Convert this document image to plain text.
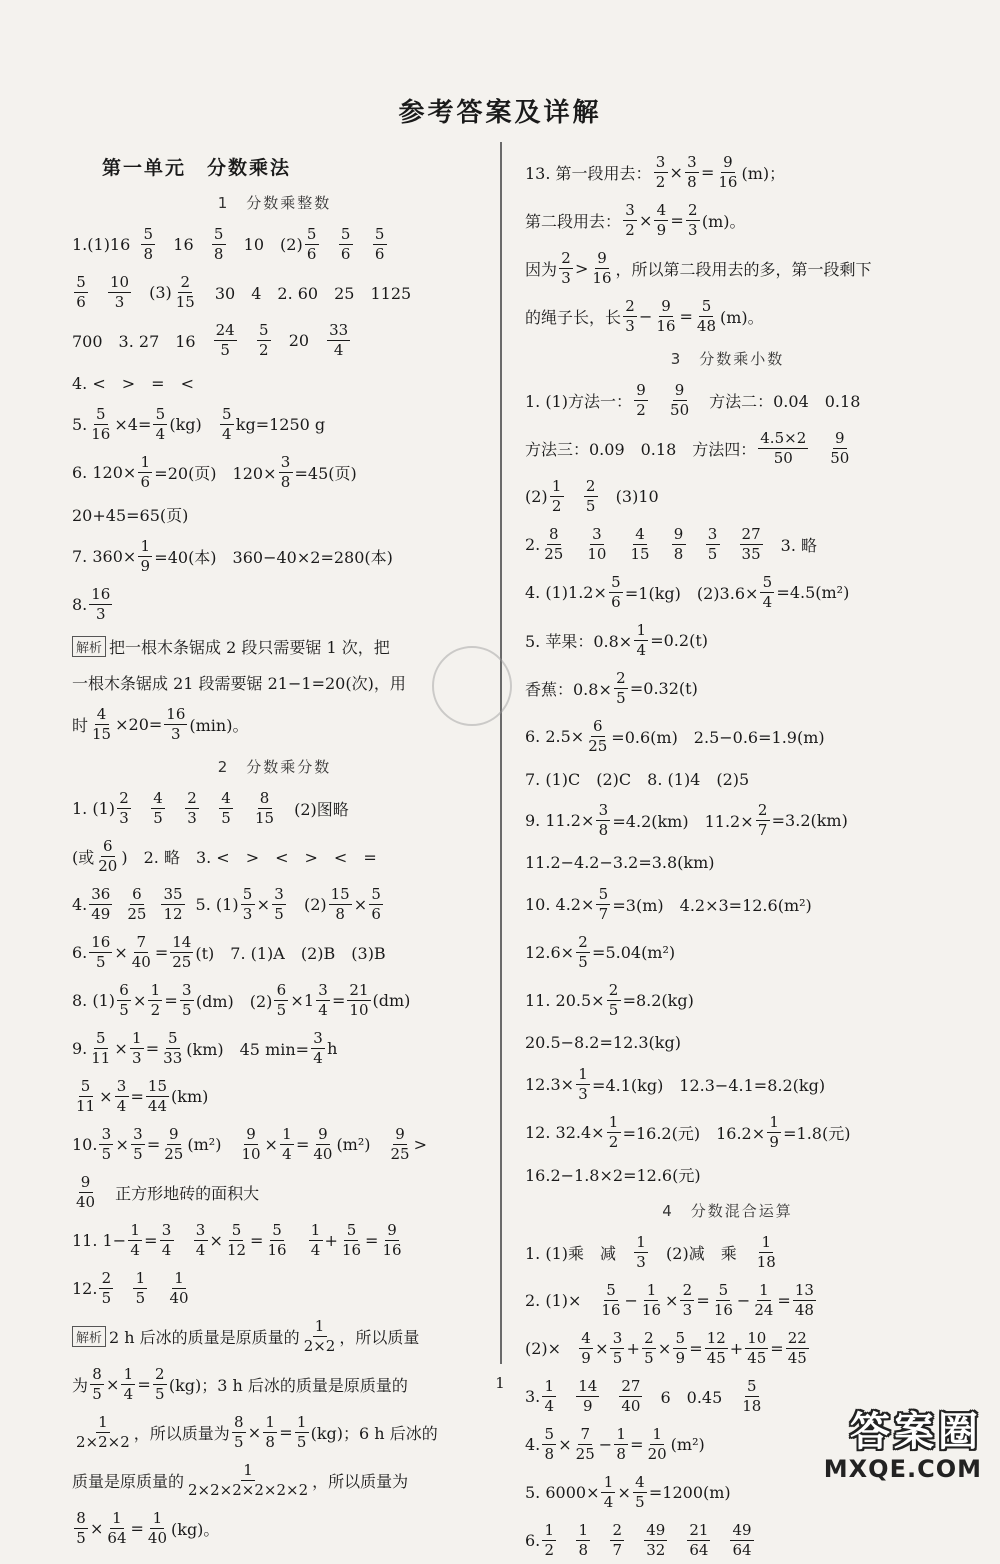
参考答案及详解
第一单元　分数乘法
1　分数乘整数
$1.(1)16 \frac{5}{8} 16 \frac{5}{8} 10$ $(2) \frac{5}{6} \frac{5}{6} \frac{5}{6}$
$\frac{5}{6} \frac{10}{3} (3) \frac{2}{15} 30$　4　2. 60　25　1125
700　3. 27　$16 \frac{24}{5} \frac{5}{2} 20 \frac{33}{4}$
4. <　>　=　<
5. $\frac{5}{16} \times 4= \frac{5}{4} (kg) \frac{5}{4} kg=1250$ g
6. $120\times \frac{1}{6} =20$(页)　$120\times \frac{3}{8} =45$(页)
20+45=65(页)
7. $360\times \frac{1}{9} =40$(本)　360−40×2=280(本)
8. $\frac{16}{3}$
解析 把一根木条锯成 2 段只需要锯 1 次，把
一根木条锯成 21 段需要锯 21−1=20(次)，用
时 $\frac{4}{15} \times 20= \frac{16}{3} (\min)$。
2　分数乘分数
1. $(1) \frac{2}{3} \frac{4}{5} \frac{2}{3} \frac{4}{5} \frac{8}{15} (2)$图略
(或 $\frac{6}{20}$ )　2. 略　3. <　>　<　>　<　=
4. $\frac{36}{49} \frac{6}{25} \frac{35}{12} 5$. $(1) \frac{5}{3} \times \frac{3}{5} (2) \frac{15}{8} \times \frac{5}{6}$
6. $\frac{16}{5} \times \frac{7}{40} = \frac{14}{25} (t)$　7. (1)A　(2)B　(3)B
8. $(1) \frac{6}{5} \times \frac{1}{2} = \frac{3}{5} (dm)$　$(2) \frac{6}{5} \times 1 \frac{3}{4} = \frac{21}{10} (dm)$
9. $\frac{5}{11} \times \frac{1}{3} = \frac{5}{33} (km)$　45 $\min= \frac{3}{4}$ h
$\frac{5}{11} \times \frac{3}{4} = \frac{15}{44} (km)$
10. $\frac{3}{5} \times \frac{3}{5} = \frac{9}{25} (m^2) \frac{9}{10} \times \frac{1}{4} = \frac{9}{40} (m^2) \frac{9}{25}$ >
$\frac{9}{40}$ 正方形地砖的面积大
11. $1- \frac{1}{4} = \frac{3}{4} \frac{3}{4} \times \frac{5}{12} = \frac{5}{16} \frac{1}{4} + \frac{5}{16} = \frac{9}{16}$
12. $\frac{2}{5} \frac{1}{5} \frac{1}{40}$
解析 2 h 后冰的质量是原质量的 $\frac{1}{2\times 2}$ ，所以质量
为 $\frac{8}{5} \times \frac{1}{4} = \frac{2}{5} (kg)$；3 h 后冰的质量是原质量的
$\frac{1}{2\times 2\times 2}$ ，所以质量为 $\frac{8}{5} \times \frac{1}{8} = \frac{1}{5} (kg)$；6 h 后冰的
质量是原质量的 $\frac{1}{2\times 2\times 2\times 2\times 2\times 2}$ ，所以质量为
$\frac{8}{5} \times \frac{1}{64} = \frac{1}{40} (kg)$。
13. 第一段用去： $\frac{3}{2} \times \frac{3}{8} = \frac{9}{16} (m)$；
第二段用去： $\frac{3}{2} \times \frac{4}{9} = \frac{2}{3} (m)$。
因为 $\frac{2}{3} > \frac{9}{16}$ ，所以第二段用去的多，第一段剩下
的绳子长，长 $\frac{2}{3} - \frac{9}{16} = \frac{5}{48} (m)$。
3　分数乘小数
1. (1)方法一： $\frac{9}{2} \frac{9}{50}$ 方法二：0.04　0.18
方法三：0.09　0.18　方法四： $\frac{4.5\times 2}{50} \frac{9}{50}$
$(2) \frac{1}{2} \frac{2}{5} (3)10$
2. $\frac{8}{25} \frac{3}{10} \frac{4}{15} \frac{9}{8} \frac{3}{5} \frac{27}{35} 3$. 略
4. $(1)1.2\times \frac{5}{6} =1(kg)$　$(2)3.6\times \frac{5}{4} =4.5(m^2)$
5. 苹果：$0.8\times \frac{1}{4} =0.2(t)$
香蕉：$0.8\times \frac{2}{5} =0.32(t)$
6. $2.5\times \frac{6}{25} =0.6(m)$　2.5−0.6=1.9(m)
7. (1)C　(2)C　8. (1)4　(2)5
9. $11.2\times \frac{3}{8} =4.2(km)$　$11.2\times \frac{2}{7} =3.2(km)$
11.2−4.2−3.2=3.8(km)
10. $4.2\times \frac{5}{7} =3(m)$　4.2×3=12.6(m²)
$12.6\times \frac{2}{5} =5.04(m^2)$
11. $20.5\times \frac{2}{5} =8.2(kg)$
20.5−8.2=12.3(kg)
$12.3\times \frac{1}{3} =4.1(kg)$　12.3−4.1=8.2(kg)
12. $32.4\times \frac{1}{2} =16.2$(元)　$16.2\times \frac{1}{9} =1.8$(元)
16.2−1.8×2=12.6(元)
4　分数混合运算
1. (1)乘　减 $\frac{1}{3} (2)$减　乘 $\frac{1}{18}$
2. $(1)\times \frac{5}{16} - \frac{1}{16} \times \frac{2}{3} = \frac{5}{16} - \frac{1}{24} = \frac{13}{48}$
$(2)\times \frac{4}{9} \times \frac{3}{5} + \frac{2}{5} \times \frac{5}{9} = \frac{12}{45} + \frac{10}{45} = \frac{22}{45}$
3. $\frac{1}{4} \frac{14}{9} \frac{27}{40} 6$　$0.45 \frac{5}{18}$
4. $\frac{5}{8} \times \frac{7}{25} - \frac{1}{8} = \frac{1}{20} (m^2)$
5. $6000\times \frac{1}{4} \times \frac{4}{5} =1200(m)$
6. $\frac{1}{2} \frac{1}{8} \frac{2}{7} \frac{49}{32} \frac{21}{64} \frac{49}{64}$
1
答案圈
MXQE.COM
